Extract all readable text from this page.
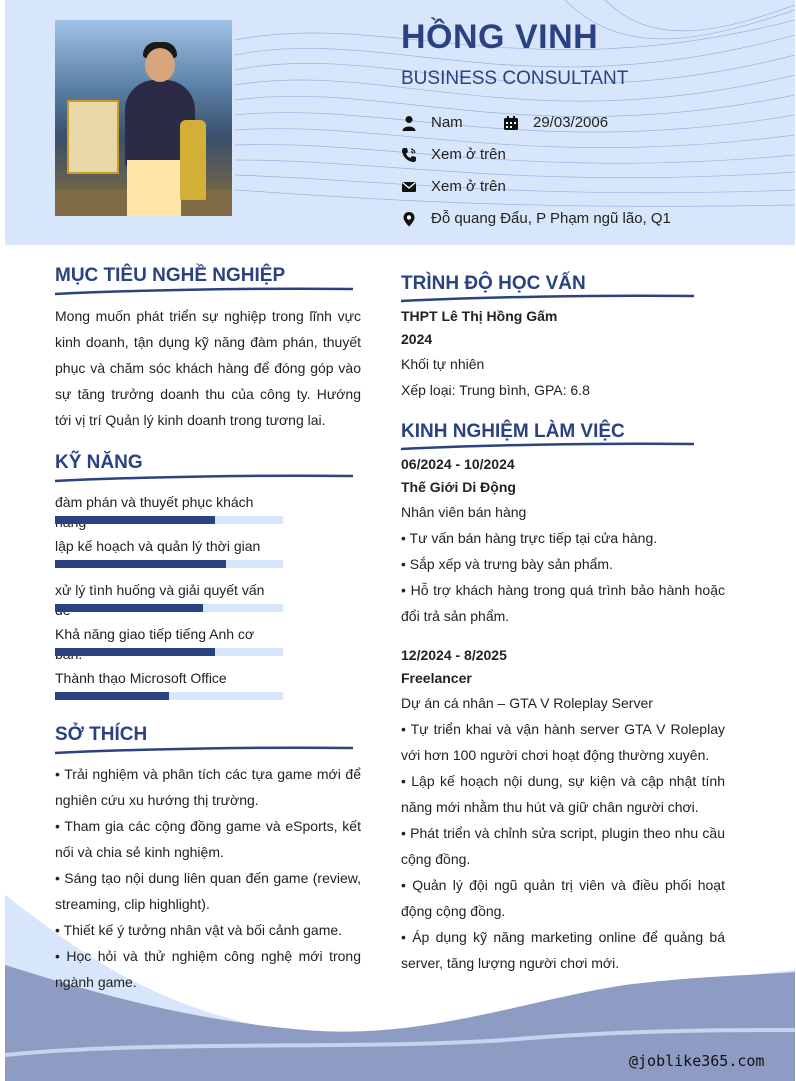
HỒNG VINH
BUSINESS CONSULTANT
Nam	29/03/2006
Xem ở trên
Xem ở trên
Đỗ quang Đẩu, P Phạm ngũ lão, Q1
MỤC TIÊU NGHỀ NGHIỆP

Mong muốn phát triển sự nghiệp trong lĩnh vực kinh doanh, tận dụng kỹ năng đàm phán, thuyết phục và chăm sóc khách hàng để đóng góp vào sự tăng trưởng doanh thu của công ty. Hướng tới vị trí Quản lý kinh doanh trong tương lai.

KỸ NĂNG
đàm phán và thuyết phục khách
lập kế hoạch và quản lý thời gian
xử lý tình huống và giải quyết vấn
Khả năng giao tiếp tiếng Anh cơ
Thành thạo Microsoft Office
SỞ THÍCH
• Trải nghiệm và phân tích các tựa game mới để nghiên cứu xu hướng thị trường.
• Tham gia các cộng đồng game và eSports, kết nối và chia sẻ kinh nghiệm.
• Sáng tạo nội dung liên quan đến game (review, streaming, clip highlight).
• Thiết kế ý tưởng nhân vật và bối cảnh game.
• Học hỏi và thử nghiệm công nghệ mới trong ngành game.
TRÌNH ĐỘ HỌC VẤN
THPT Lê Thị Hồng Gấm
2024
Khối tự nhiên
Xếp loại: Trung bình, GPA: 6.8
KINH NGHIỆM LÀM VIỆC
06/2024 - 10/2024
Thế Giới Di Động
Nhân viên bán hàng
• Tư vấn bán hàng trực tiếp tại cửa hàng.
• Sắp xếp và trưng bày sản phẩm.
• Hỗ trợ khách hàng trong quá trình bảo hành hoặc đổi trả sản phẩm.
12/2024 - 8/2025
Freelancer
Dự án cá nhân – GTA V Roleplay Server
• Tự triển khai và vận hành server GTA V Roleplay với hơn 100 người chơi hoạt động thường xuyên.
• Lập kế hoạch nội dung, sự kiện và cập nhật tính năng mới nhằm thu hút và giữ chân người chơi.
• Phát triển và chỉnh sửa script, plugin theo nhu cầu cộng đồng.
• Quản lý đội ngũ quản trị viên và điều phối hoạt động cộng đồng.
• Áp dụng kỹ năng marketing online để quảng bá server, tăng lượng người chơi mới.
@joblike365.com
